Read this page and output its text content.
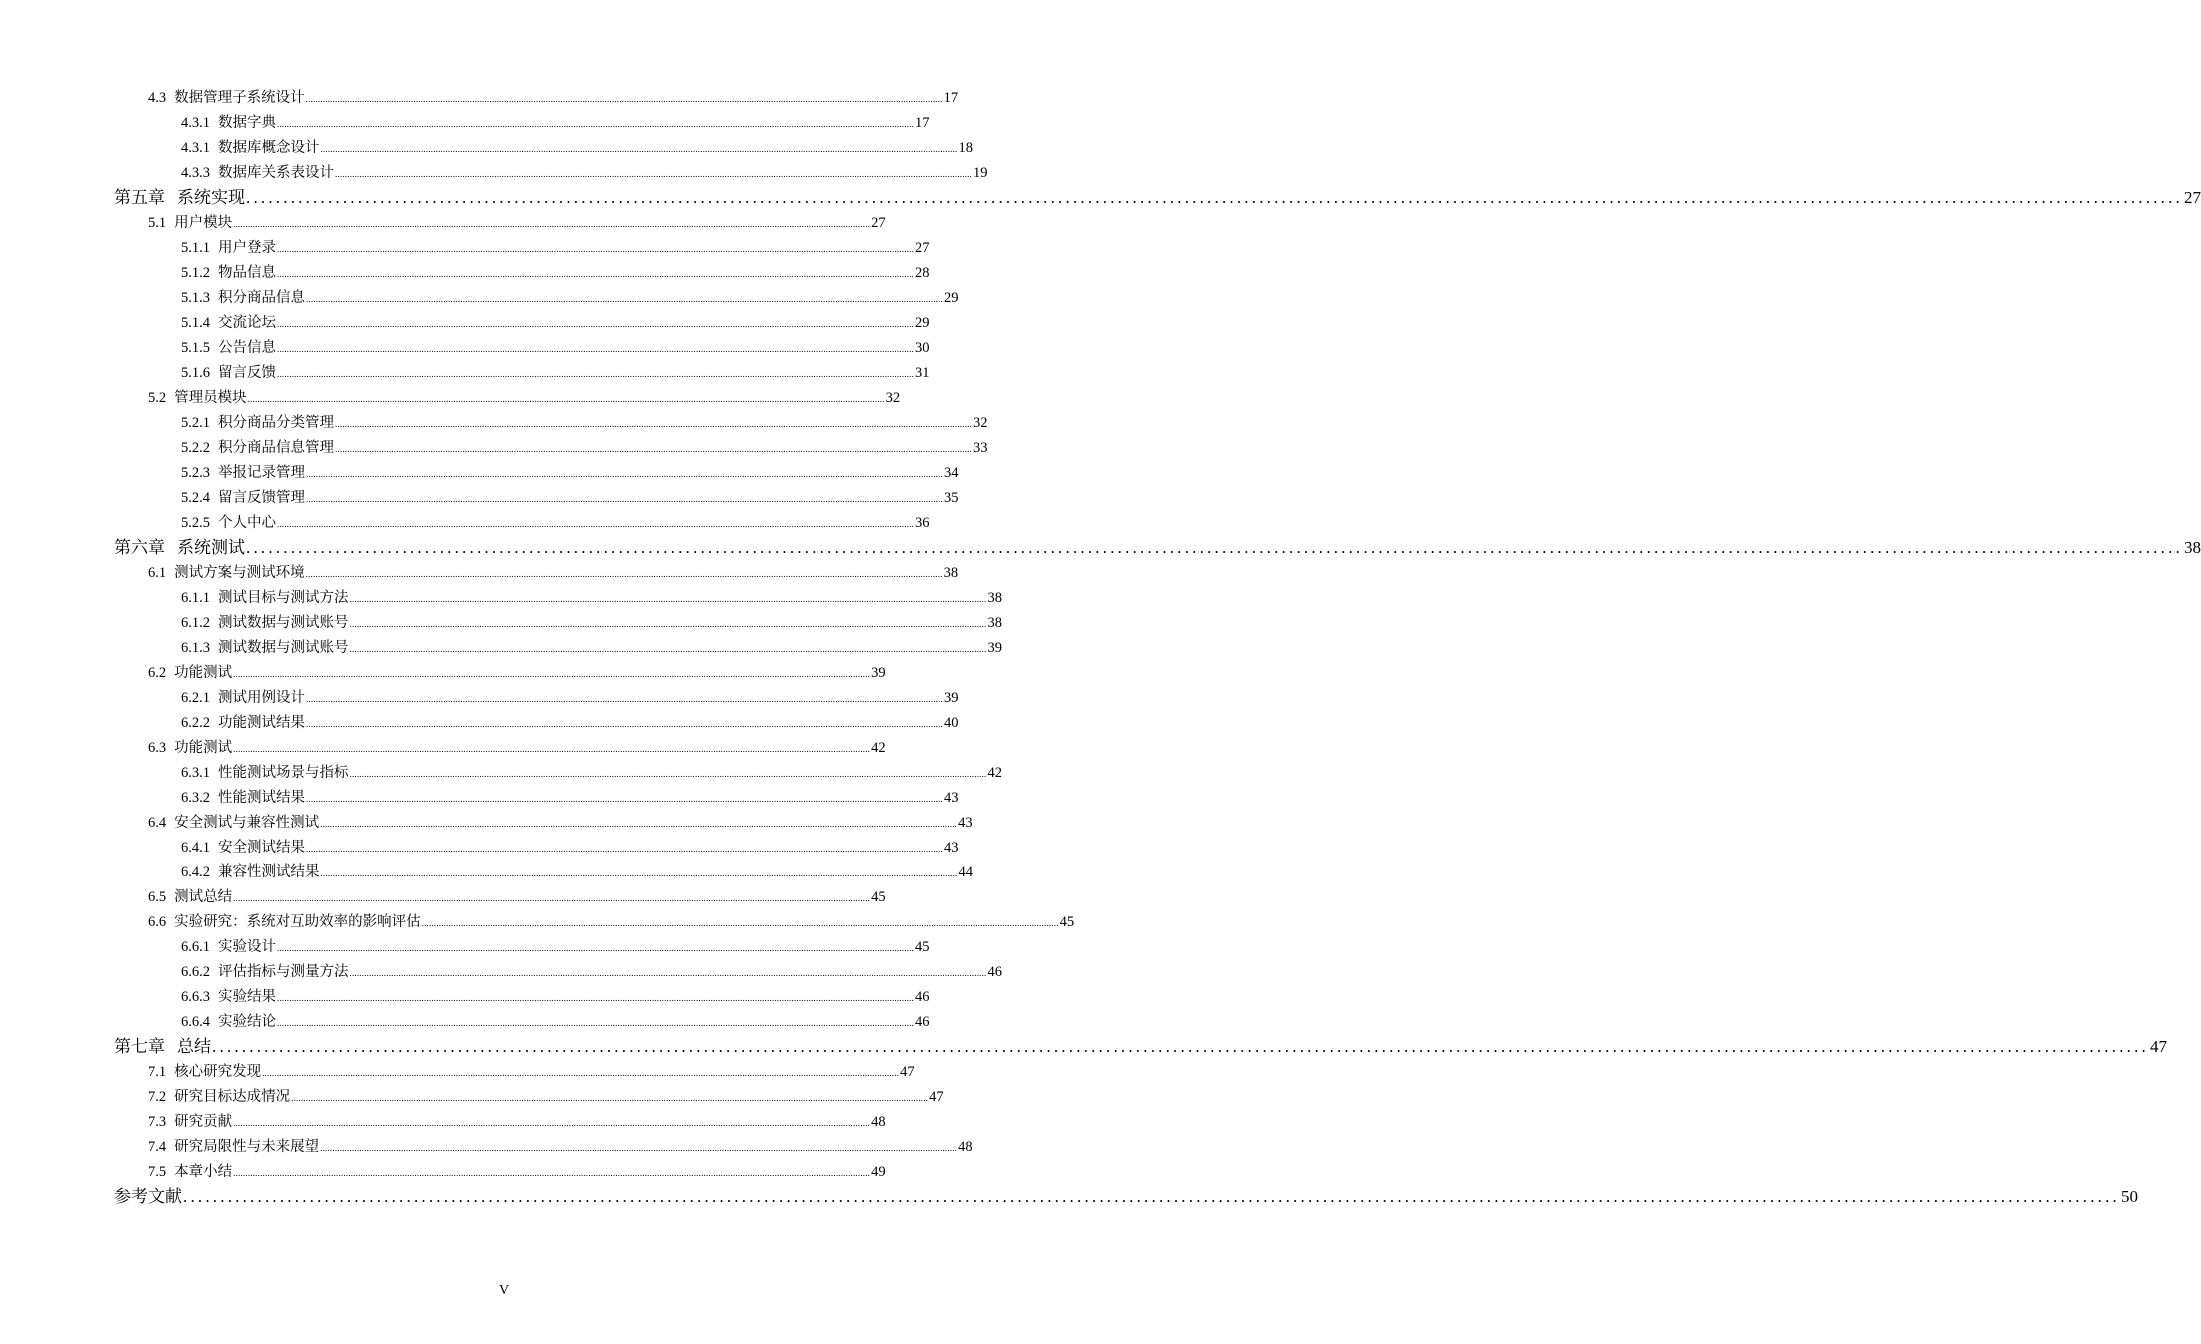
4.3 数据管理子系统设计 .................................................................................................................................................................................................................................................................... 17
4.3.1 数据字典 .................................................................................................................................................................................................................................................................... 17
4.3.1 数据库概念设计 .................................................................................................................................................................................................................................................................... 18
4.3.3 数据库关系表设计 .................................................................................................................................................................................................................................................................... 19
第五章 系统实现 .................................................................................................................................................................................................................................................................... 27
5.1 用户模块 .................................................................................................................................................................................................................................................................... 27
5.1.1 用户登录 .................................................................................................................................................................................................................................................................... 27
5.1.2 物品信息 .................................................................................................................................................................................................................................................................... 28
5.1.3 积分商品信息 .................................................................................................................................................................................................................................................................... 29
5.1.4 交流论坛 .................................................................................................................................................................................................................................................................... 29
5.1.5 公告信息 .................................................................................................................................................................................................................................................................... 30
5.1.6 留言反馈 .................................................................................................................................................................................................................................................................... 31
5.2 管理员模块 .................................................................................................................................................................................................................................................................... 32
5.2.1 积分商品分类管理 .................................................................................................................................................................................................................................................................... 32
5.2.2 积分商品信息管理 .................................................................................................................................................................................................................................................................... 33
5.2.3 举报记录管理 .................................................................................................................................................................................................................................................................... 34
5.2.4 留言反馈管理 .................................................................................................................................................................................................................................................................... 35
5.2.5 个人中心 .................................................................................................................................................................................................................................................................... 36
第六章 系统测试 .................................................................................................................................................................................................................................................................... 38
6.1 测试方案与测试环境 .................................................................................................................................................................................................................................................................... 38
6.1.1 测试目标与测试方法 .................................................................................................................................................................................................................................................................... 38
6.1.2 测试数据与测试账号 .................................................................................................................................................................................................................................................................... 38
6.1.3 测试数据与测试账号 .................................................................................................................................................................................................................................................................... 39
6.2 功能测试 .................................................................................................................................................................................................................................................................... 39
6.2.1 测试用例设计 .................................................................................................................................................................................................................................................................... 39
6.2.2 功能测试结果 .................................................................................................................................................................................................................................................................... 40
6.3 功能测试 .................................................................................................................................................................................................................................................................... 42
6.3.1 性能测试场景与指标 .................................................................................................................................................................................................................................................................... 42
6.3.2 性能测试结果 .................................................................................................................................................................................................................................................................... 43
6.4 安全测试与兼容性测试 .................................................................................................................................................................................................................................................................... 43
6.4.1 安全测试结果 .................................................................................................................................................................................................................................................................... 43
6.4.2 兼容性测试结果 .................................................................................................................................................................................................................................................................... 44
6.5 测试总结 .................................................................................................................................................................................................................................................................... 45
6.6 实验研究：系统对互助效率的影响评估 .................................................................................................................................................................................................................................................................... 45
6.6.1 实验设计 .................................................................................................................................................................................................................................................................... 45
6.6.2 评估指标与测量方法 .................................................................................................................................................................................................................................................................... 46
6.6.3 实验结果 .................................................................................................................................................................................................................................................................... 46
6.6.4 实验结论 .................................................................................................................................................................................................................................................................... 46
第七章 总结 .................................................................................................................................................................................................................................................................... 47
7.1 核心研究发现 .................................................................................................................................................................................................................................................................... 47
7.2 研究目标达成情况 .................................................................................................................................................................................................................................................................... 47
7.3 研究贡献 .................................................................................................................................................................................................................................................................... 48
7.4 研究局限性与未来展望 .................................................................................................................................................................................................................................................................... 48
7.5 本章小结 .................................................................................................................................................................................................................................................................... 49
参考文献 .................................................................................................................................................................................................................................................................... 50
V
